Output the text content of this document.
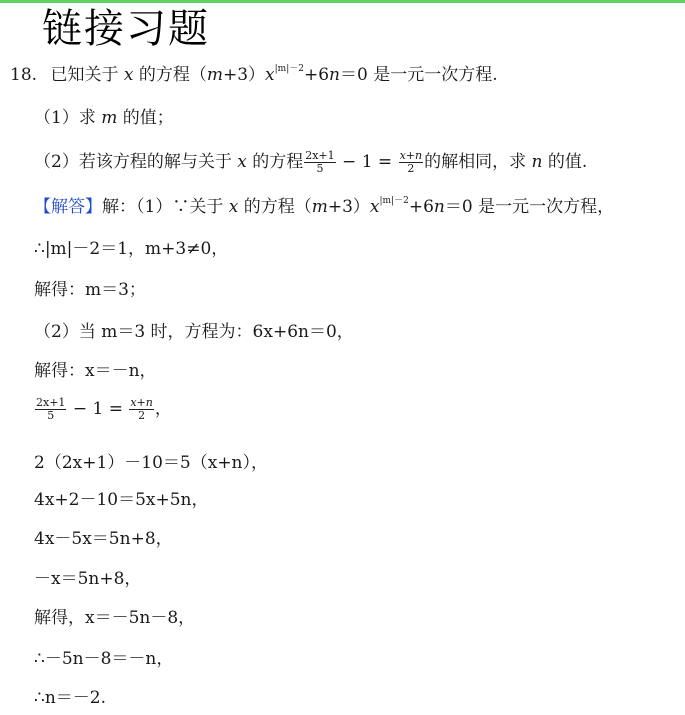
链接习题
18. 已知关于 x 的方程$(m+3)x^{|m|-2}+6n=0$ 是一元一次方程.
（1）求 m 的值；
（2）若该方程的解与关于 x 的方程 $\frac{2x+1}{5} - 1 = \frac{x+n}{2}$ 的解相同，求 n 的值.
【解答】解：（1）∵关于 x 的方程$(m+3)x^{|m|-2}+6n=0$ 是一元一次方程，
∴|m|－2＝1，m+3≠0，
解得：m＝3；
（2）当 m＝3 时，方程为：6x+6n＝0，
解得：x＝－n，
$\frac{2x+1}{5} - 1 = \frac{x+n}{2}$ ，
2（2x+1）－10＝5（x+n），
4x+2－10＝5x+5n，
4x－5x＝5n+8，
－x＝5n+8，
解得，x＝－5n－8，
∴－5n－8＝－n，
∴n＝－2.
